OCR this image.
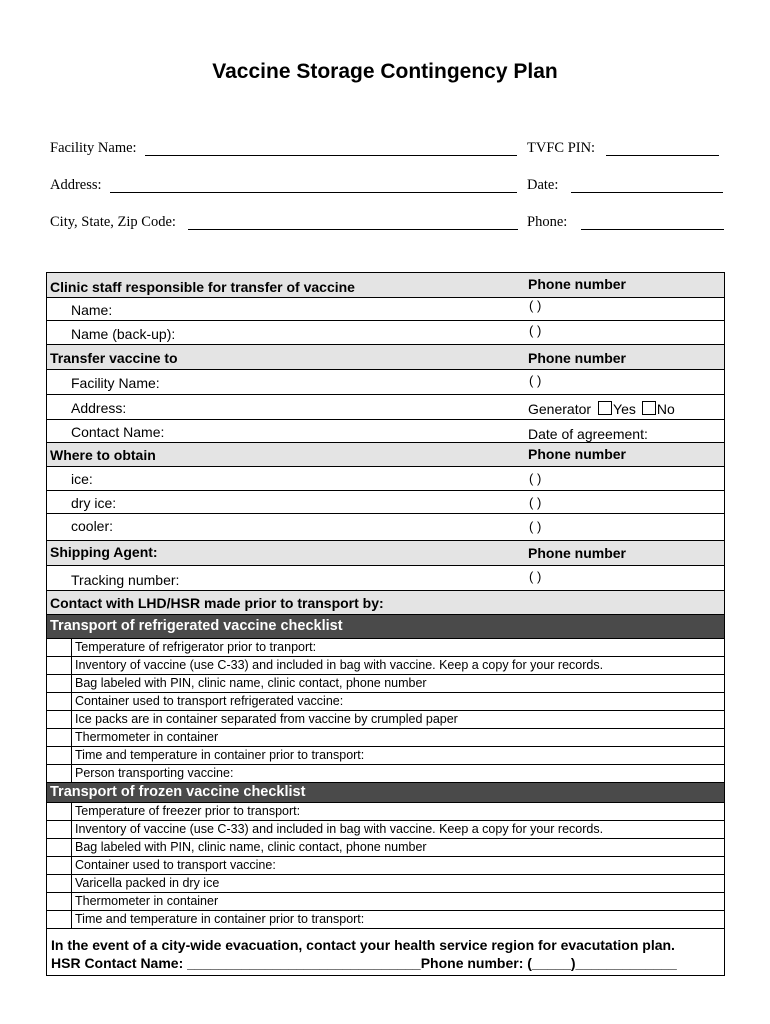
Vaccine Storage Contingency Plan
Facility Name:	TVFC PIN:
Address:	Date:
City, State, Zip Code:	Phone:
Clinic staff responsible for transfer of vaccine	Phone number
Name:	( )
Name (back-up):	( )
Transfer vaccine to	Phone number
Facility Name:	( )
Address:	Generator Yes No
Contact Name:	Date of agreement:
Where to obtain	Phone number
ice:	( )
dry ice:	( )
cooler:	( )
Shipping Agent:	Phone number
Tracking number:	( )
Contact with LHD/HSR made prior to transport by:
Transport of refrigerated vaccine checklist
Temperature of refrigerator prior to tranport:
Inventory of vaccine (use C-33) and included in bag with vaccine. Keep a copy for your records.
Bag labeled with PIN, clinic name, clinic contact, phone number
Container used to transport refrigerated vaccine:
Ice packs are in container separated from vaccine by crumpled paper
Thermometer in container
Time and temperature in container prior to transport:
Person transporting vaccine:
Transport of frozen vaccine checklist
Temperature of freezer prior to transport:
Inventory of vaccine (use C-33) and included in bag with vaccine. Keep a copy for your records.
Bag labeled with PIN, clinic name, clinic contact, phone number
Container used to transport vaccine:
Varicella packed in dry ice
Thermometer in container
Time and temperature in container prior to transport:
In the event of a city-wide evacuation, contact your health service region for evacutation plan.
HSR Contact Name: ______________________________Phone number: (_____)_____________
